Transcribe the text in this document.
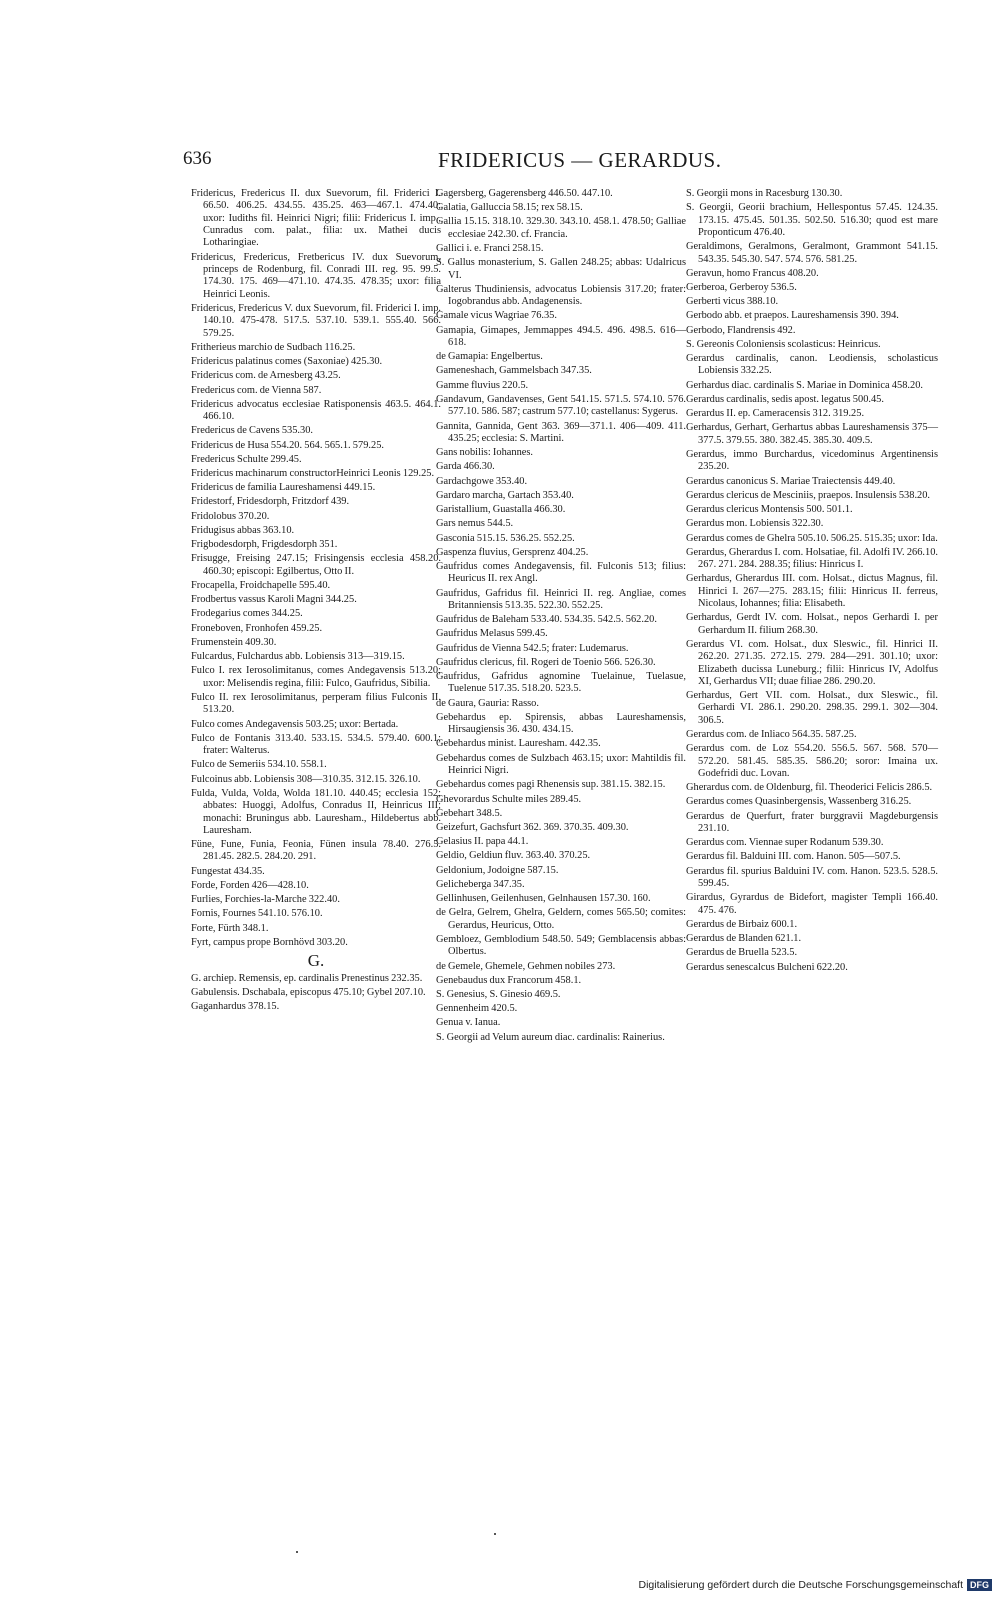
636	FRIDERICUS — GERARDUS.
Fridericus, Fredericus II. dux Suevorum, fil. Friderici I. 66.50. 406.25. 434.55. 435.25. 463—467.1. 474.40; uxor: Iudiths fil. Heinrici Nigri; filii: Fridericus I. imp., Cunradus com. palat., filia: ux. Mathei ducis Lotharingiae.
Fridericus, Fredericus, Fretbericus IV. dux Suevorum, princeps de Rodenburg, fil. Conradi III. reg. 95. 99.5. 174.30. 175. 469—471.10. 474.35. 478.35; uxor: filia Heinrici Leonis.
Fridericus, Fredericus V. dux Suevorum, fil. Friderici I. imp. 140.10. 475-478. 517.5. 537.10. 539.1. 555.40. 566. 579.25.
Fritherieus marchio de Sudbach 116.25.
Fridericus palatinus comes (Saxoniae) 425.30.
Fridericus com. de Arnesberg 43.25.
Fredericus com. de Vienna 587.
Fridericus advocatus ecclesiae Ratisponensis 463.5. 464.1. 466.10.
Fredericus de Cavens 535.30.
Fridericus de Husa 554.20. 564. 565.1. 579.25.
Fredericus Schulte 299.45.
Fridericus machinarum constructorHeinrici Leonis 129.25.
Fridericus de familia Laureshamensi 449.15.
Fridestorf, Fridesdorph, Fritzdorf 439.
Fridolobus 370.20.
Fridugisus abbas 363.10.
Frigbodesdorph, Frigdesdorph 351.
Frisugge, Freising 247.15; Frisingensis ecclesia 458.20. 460.30; episcopi: Egilbertus, Otto II.
Frocapella, Froidchapelle 595.40.
Frodbertus vassus Karoli Magni 344.25.
Frodegarius comes 344.25.
Froneboven, Fronhofen 459.25.
Frumenstein 409.30.
Fulcardus, Fulchardus abb. Lobiensis 313—319.15.
Fulco I. rex Ierosolimitanus, comes Andegavensis 513.20; uxor: Melisendis regina, filii: Fulco, Gaufridus, Sibilia.
Fulco II. rex Ierosolimitanus, perperam filius Fulconis II. 513.20.
Fulco comes Andegavensis 503.25; uxor: Bertada.
Fulco de Fontanis 313.40. 533.15. 534.5. 579.40. 600.1; frater: Walterus.
Fulco de Semeriis 534.10. 558.1.
Fulcoinus abb. Lobiensis 308—310.35. 312.15. 326.10.
Fulda, Vulda, Volda, Wolda 181.10. 440.45; ecclesia 152; abbates: Huoggi, Adolfus, Conradus II, Heinricus III; monachi: Bruningus abb. Lauresham., Hildebertus abb. Lauresham.
Füne, Fune, Funia, Feonia, Fünen insula 78.40. 276.5. 281.45. 282.5. 284.20. 291.
Fungestat 434.35.
Forde, Forden 426—428.10.
Furlies, Forchies-la-Marche 322.40.
Fornis, Fournes 541.10. 576.10.
Forte, Fürth 348.1.
Fyrt, campus prope Bornhövd 303.20.
G.
G. archiep. Remensis, ep. cardinalis Prenestinus 232.35.
Gabulensis. Dschabala, episcopus 475.10; Gybel 207.10.
Gaganhardus 378.15.
Gagersberg, Gagerensberg 446.50. 447.10.
Galatia, Galluccia 58.15; rex 58.15.
Gallia 15.15. 318.10. 329.30. 343.10. 458.1. 478.50; Galliae ecclesiae 242.30. cf. Francia.
Gallici i. e. Franci 258.15.
S. Gallus monasterium, S. Gallen 248.25; abbas: Udalricus VI.
Galterus Thudiniensis, advocatus Lobiensis 317.20; frater: Iogobrandus abb. Andagenensis.
Gamale vicus Wagriae 76.35.
Gamapia, Gimapes, Jemmappes 494.5. 496. 498.5. 616—618.
de Gamapia: Engelbertus.
Gameneshach, Gammelsbach 347.35.
Gamme fluvius 220.5.
Gandavum, Gandavenses, Gent 541.15. 571.5. 574.10. 576. 577.10. 586. 587; castrum 577.10; castellanus: Sygerus.
Gannita, Gannida, Gent 363. 369—371.1. 406—409. 411. 435.25; ecclesia: S. Martini.
Gans nobilis: Iohannes.
Garda 466.30.
Gardachgowe 353.40.
Gardaro marcha, Gartach 353.40.
Garistallium, Guastalla 466.30.
Gars nemus 544.5.
Gasconia 515.15. 536.25. 552.25.
Gaspenza fluvius, Gersprenz 404.25.
Gaufridus comes Andegavensis, fil. Fulconis 513; filius: Heuricus II. rex Angl.
Gaufridus, Gafridus fil. Heinrici II. reg. Angliae, comes Britanniensis 513.35. 522.30. 552.25.
Gaufridus de Baleham 533.40. 534.35. 542.5. 562.20.
Gaufridus Melasus 599.45.
Gaufridus de Vienna 542.5; frater: Ludemarus.
Gaufridus clericus, fil. Rogeri de Toenio 566. 526.30.
Gaufridus, Gafridus agnomine Tuelainue, Tuelasue, Tuelenue 517.35. 518.20. 523.5.
de Gaura, Gauria: Rasso.
Gebehardus ep. Spirensis, abbas Laureshamensis, Hirsaugiensis 36. 430. 434.15.
Gebehardus minist. Lauresham. 442.35.
Gebehardus comes de Sulzbach 463.15; uxor: Mahtildis fil. Heinrici Nigri.
Gebehardus comes pagi Rhenensis sup. 381.15. 382.15.
Ghevorardus Schulte miles 289.45.
Gebehart 348.5.
Geizefurt, Gachsfurt 362. 369. 370.35. 409.30.
Gelasius II. papa 44.1.
Geldio, Geldiun fluv. 363.40. 370.25.
Geldonium, Jodoigne 587.15.
Gelicheberga 347.35.
Gellinhusen, Geilenhusen, Gelnhausen 157.30. 160.
de Gelra, Gelrem, Ghelra, Geldern, comes 565.50; comites: Gerardus, Heuricus, Otto.
Gembloez, Gemblodium 548.50. 549; Gemblacensis abbas: Olbertus.
de Gemele, Ghemele, Gehmen nobiles 273.
Genebaudus dux Francorum 458.1.
S. Genesius, S. Ginesio 469.5.
Gennenheim 420.5.
Genua v. Ianua.
S. Georgii ad Velum aureum diac. cardinalis: Rainerius.
S. Georgii mons in Racesburg 130.30.
S. Georgii, Georii brachium, Hellespontus 57.45. 124.35. 173.15. 475.45. 501.35. 502.50. 516.30; quod est mare Proponticum 476.40.
Geraldimons, Geralmons, Geralmont, Grammont 541.15. 543.35. 545.30. 547. 574. 576. 581.25.
Geravun, homo Francus 408.20.
Gerberoa, Gerberoy 536.5.
Gerberti vicus 388.10.
Gerbodo abb. et praepos. Laureshamensis 390. 394.
Gerbodo, Flandrensis 492.
S. Gereonis Coloniensis scolasticus: Heinricus.
Gerardus cardinalis, canon. Leodiensis, scholasticus Lobiensis 332.25.
Gerhardus diac. cardinalis S. Mariae in Dominica 458.20.
Gerardus cardinalis, sedis apost. legatus 500.45.
Gerardus II. ep. Cameracensis 312. 319.25.
Gerhardus, Gerhart, Gerhartus abbas Laureshamensis 375—377.5. 379.55. 380. 382.45. 385.30. 409.5.
Gerardus, immo Burchardus, vicedominus Argentinensis 235.20.
Gerardus canonicus S. Mariae Traiectensis 449.40.
Gerardus clericus de Mesciniis, praepos. Insulensis 538.20.
Gerardus clericus Montensis 500. 501.1.
Gerardus mon. Lobiensis 322.30.
Gerardus comes de Ghelra 505.10. 506.25. 515.35; uxor: Ida.
Gerardus, Gherardus I. com. Holsatiae, fil. Adolfi IV. 266.10. 267. 271. 284. 288.35; filius: Hinricus I.
Gerhardus, Gherardus III. com. Holsat., dictus Magnus, fil. Hinrici I. 267—275. 283.15; filii: Hinricus II. ferreus, Nicolaus, Iohannes; filia: Elisabeth.
Gerhardus, Gerdt IV. com. Holsat., nepos Gerhardi I. per Gerhardum II. filium 268.30.
Gerardus VI. com. Holsat., dux Sleswic., fil. Hinrici II. 262.20. 271.35. 272.15. 279. 284—291. 301.10; uxor: Elizabeth ducissa Luneburg.; filii: Hinricus IV, Adolfus XI, Gerhardus VII; duae filiae 286. 290.20.
Gerhardus, Gert VII. com. Holsat., dux Sleswic., fil. Gerhardi VI. 286.1. 290.20. 298.35. 299.1. 302—304. 306.5.
Gerardus com. de Inliaco 564.35. 587.25.
Gerardus com. de Loz 554.20. 556.5. 567. 568. 570—572.20. 581.45. 585.35. 586.20; soror: Imaina ux. Godefridi duc. Lovan.
Gherardus com. de Oldenburg, fil. Theoderici Felicis 286.5.
Gerardus comes Quasinbergensis, Wassenberg 316.25.
Gerardus de Querfurt, frater burggravii Magdeburgensis 231.10.
Gerardus com. Viennae super Rodanum 539.30.
Gerardus fil. Balduini III. com. Hanon. 505—507.5.
Gerardus fil. spurius Balduini IV. com. Hanon. 523.5. 528.5. 599.45.
Girardus, Gyrardus de Bidefort, magister Templi 166.40. 475. 476.
Gerardus de Birbaiz 600.1.
Gerardus de Blanden 621.1.
Gerardus de Bruella 523.5.
Gerardus senescalcus Bulcheni 622.20.
Digitalisierung gefördert durch die Deutsche Forschungsgemeinschaft DFG
